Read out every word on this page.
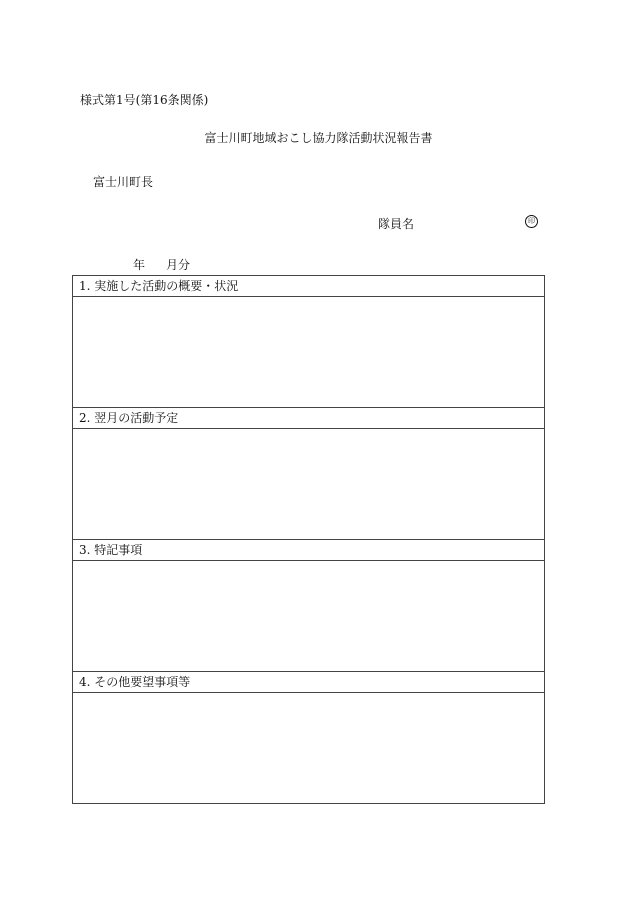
様式第1号(第16条関係)
富士川町地域おこし協力隊活動状況報告書
富士川町長
隊員名	印
年 月分
1. 実施した活動の概要・状況
2. 翌月の活動予定
3. 特記事項
4. その他要望事項等
